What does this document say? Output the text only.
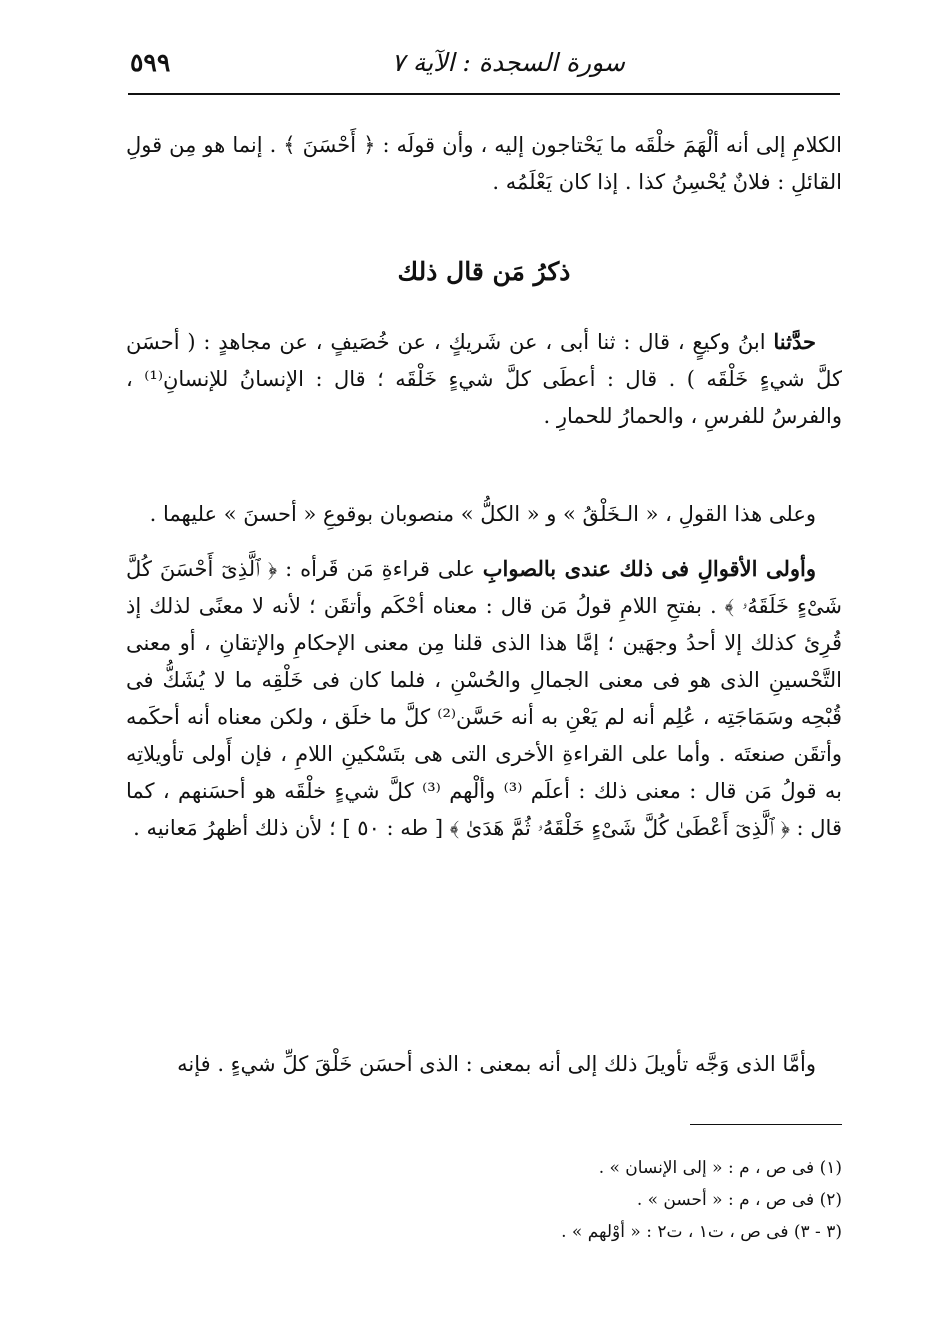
سورة السجدة : الآية ٧
٥٩٩
الكلامِ إلى أنه ألْهَمَ خلْقَه ما يَحْتاجون إليه ، وأن قولَه : ﴿ أَحْسَنَ ﴾ . إنما هو مِن قولِ القائلِ : فلانٌ يُحْسِنُ كذا . إذا كان يَعْلَمُه .
ذكرُ مَن قال ذلك
حدَّثنا ابنُ وكيعٍ ، قال : ثنا أبى ، عن شَريكٍ ، عن خُصَيفٍ ، عن مجاهدٍ : ( أحسَن كلَّ شيءٍ خَلْقَه ) . قال : أعطَى كلَّ شيءٍ خَلْقَه ؛ قال : الإنسانُ للإنسانِ⁽¹⁾ ، والفرسُ للفرسِ ، والحمارُ للحمارِ .
وعلى هذا القولِ ، « الـخَلْقُ » و « الكلُّ » منصوبان بوقوعِ « أحسنَ » عليهما .
وأولى الأقوالِ فى ذلك عندى بالصوابِ على قراءةِ مَن قَرأه : ﴿ ٱلَّذِىٓ أَحْسَنَ كُلَّ شَىْءٍ خَلَقَهُۥ ﴾ . بفتحِ اللامِ قولُ مَن قال : معناه أحْكَم وأتقَن ؛ لأنه لا معنًى لذلك إذ قُرِئ كذلك إلا أحدُ وجهَين ؛ إمَّا هذا الذى قلنا مِن معنى الإحكامِ والإتقانِ ، أو معنى التَّحْسينِ الذى هو فى معنى الجمالِ والحُسْنِ ، فلما كان فى خَلْقِه ما لا يُشَكُّ فى قُبْحِه وسَمَاجَتِه ، عُلِم أنه لم يَعْنِ به أنه حَسَّن⁽²⁾ كلَّ ما خلَق ، ولكن معناه أنه أحكَمه وأتقَن صنعتَه . وأما على القراءةِ الأخرى التى هى بتَسْكينِ اللامِ ، فإن أَولى تأويلاتِه به قولُ مَن قال : معنى ذلك : أعلَم ⁽³⁾ وألْهم ⁽³⁾ كلَّ شيءٍ خلْقَه هو أحسَنهم ، كما قال : ﴿ ٱلَّذِىٓ أَعْطَىٰ كُلَّ شَىْءٍ خَلْقَهُۥ ثُمَّ هَدَىٰ ﴾ [ طه : ٥٠ ] ؛ لأن ذلك أظهرُ مَعانيه .
وأمَّا الذى وَجَّه تأويلَ ذلك إلى أنه بمعنى : الذى أحسَن خَلْقَ كلِّ شيءٍ . فإنه
(١) فى ص ، م : « إلى الإنسان » .
(٢) فى ص ، م : « أحسن » .
(٣ - ٣) فى ص ، ت١ ، ت٢ : « أوْلهم » .
